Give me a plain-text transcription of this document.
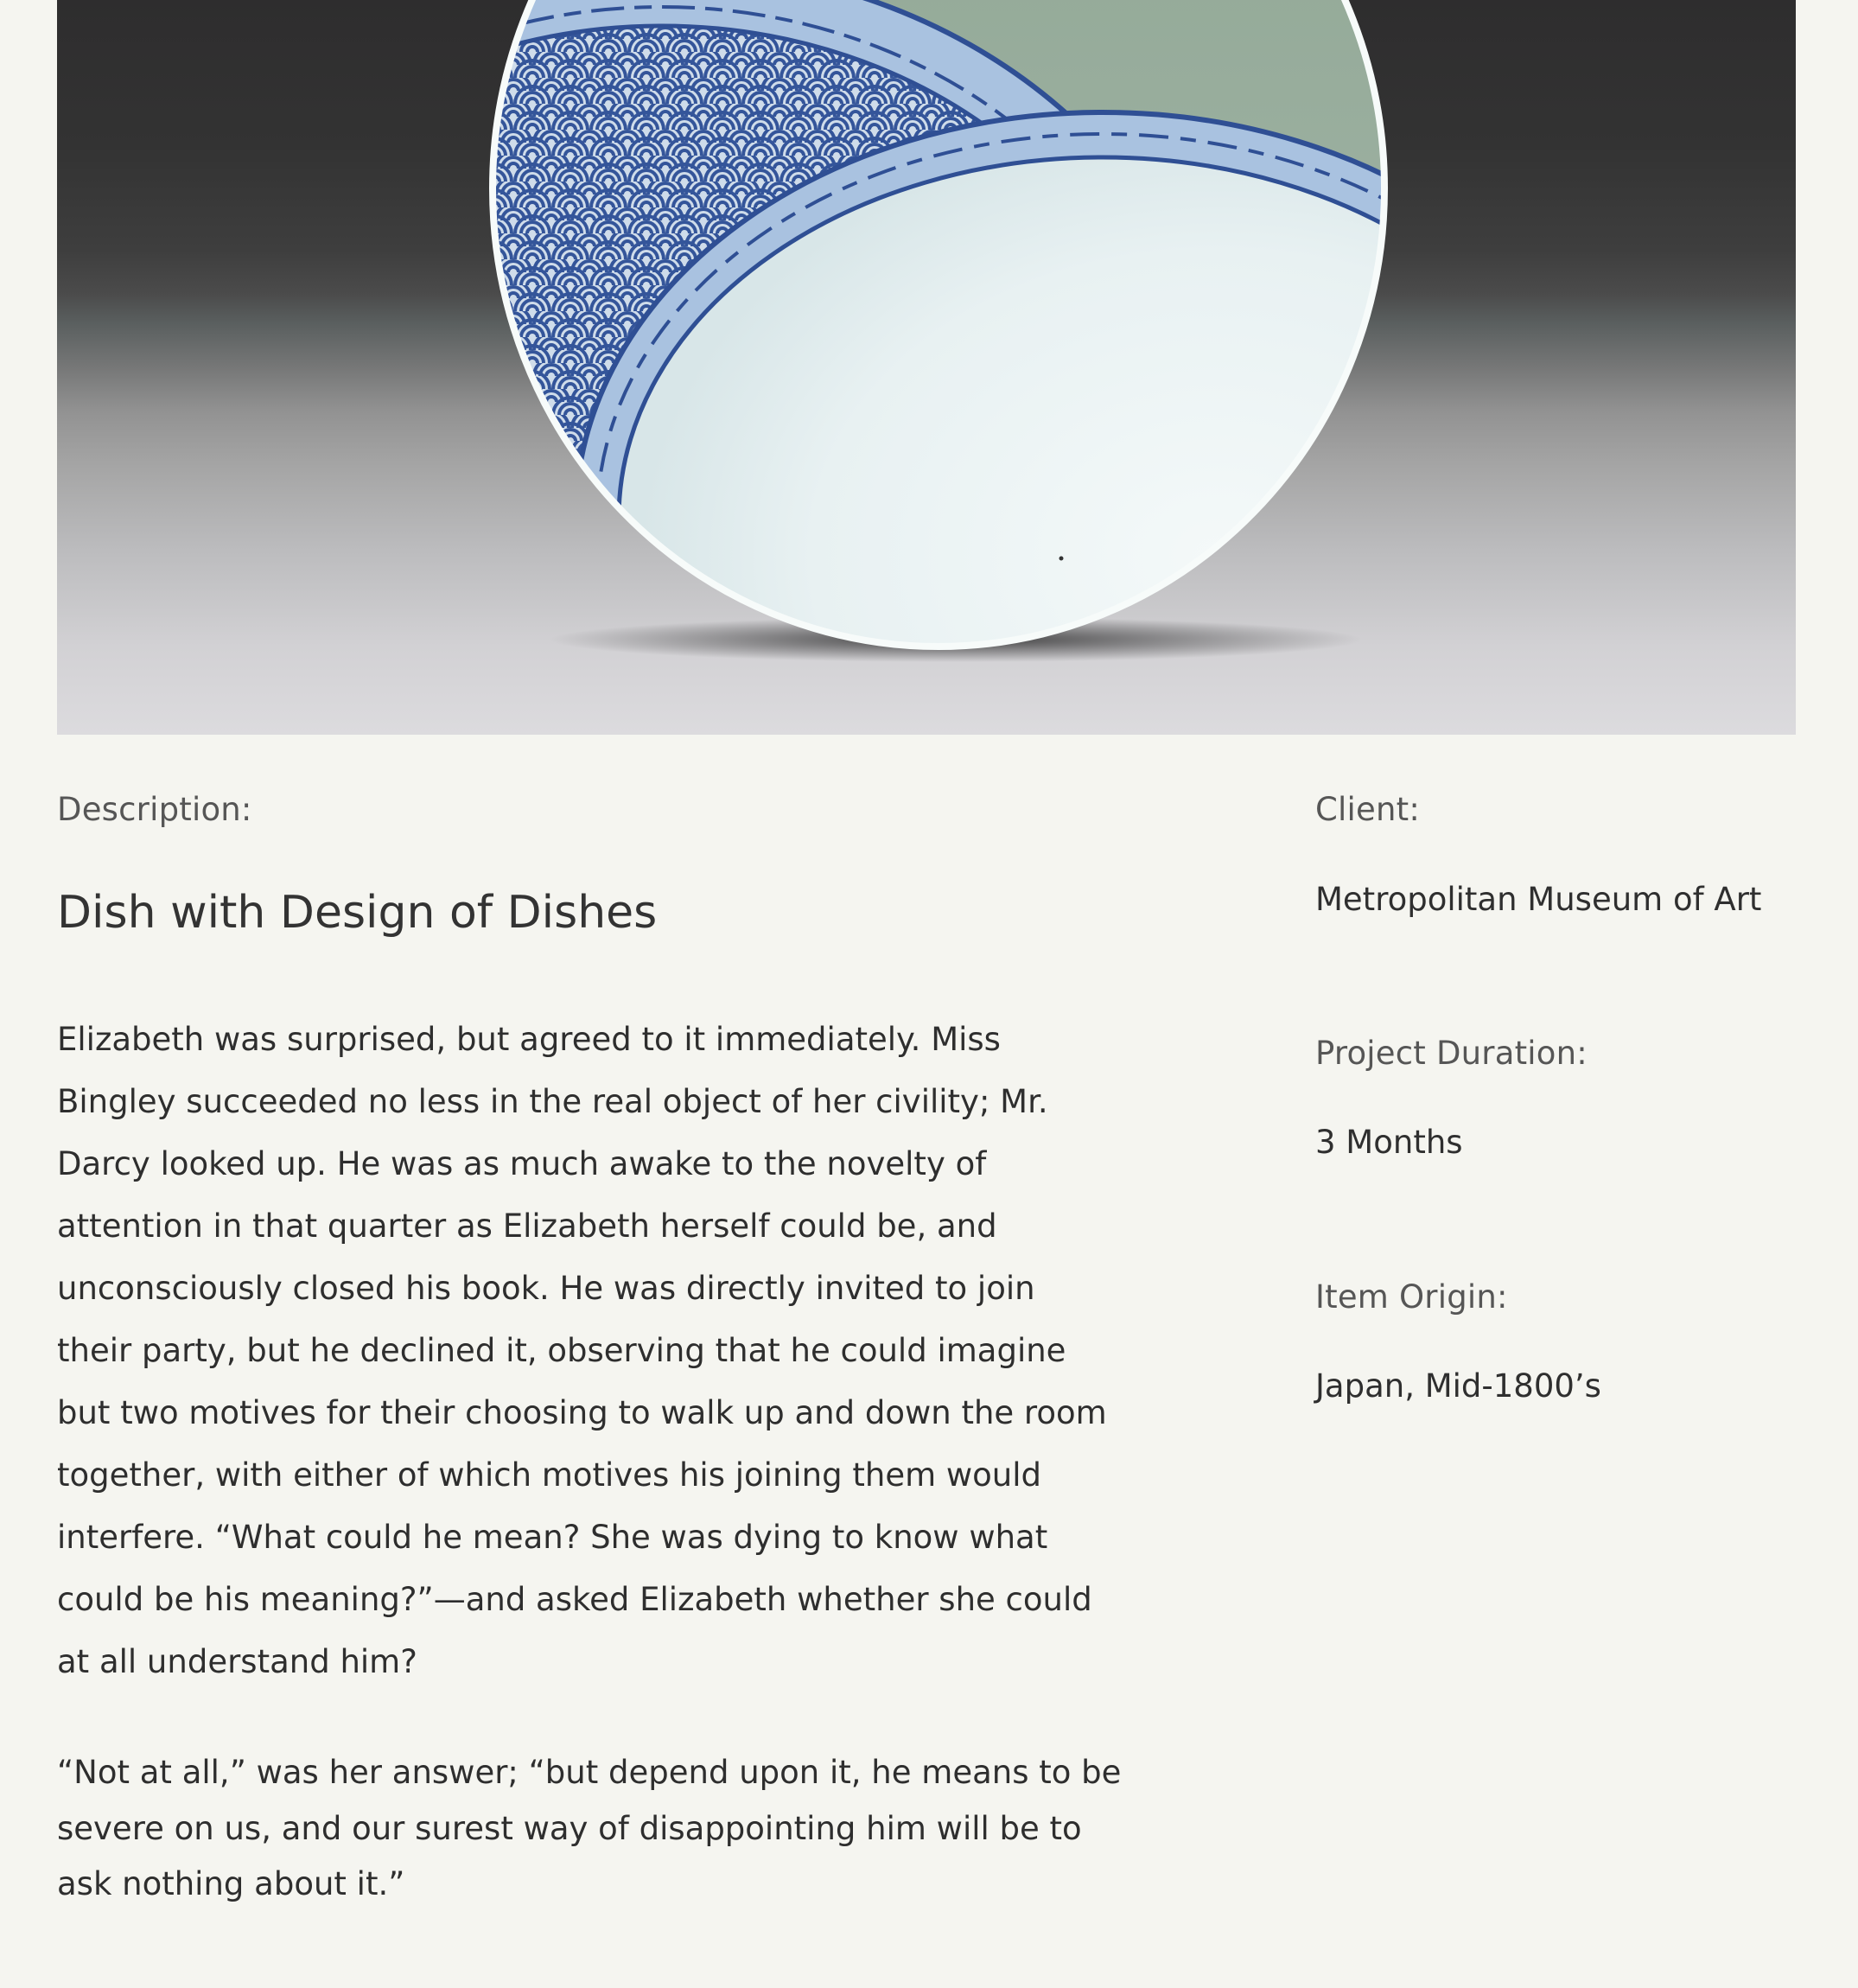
Description:
Dish with Design of Dishes

Elizabeth was surprised, but agreed to it immediately. Miss
Bingley succeeded no less in the real object of her civility; Mr.
Darcy looked up. He was as much awake to the novelty of
attention in that quarter as Elizabeth herself could be, and
unconsciously closed his book. He was directly invited to join
their party, but he declined it, observing that he could imagine
but two motives for their choosing to walk up and down the room
together, with either of which motives his joining them would
interfere. “What could he mean? She was dying to know what
could be his meaning?”—and asked Elizabeth whether she could
at all understand him?

“Not at all,” was her answer; “but depend upon it, he means to be
severe on us, and our surest way of disappointing him will be to
ask nothing about it.”

Client:
Metropolitan Museum of Art
Project Duration:
3 Months
Item Origin:
Japan, Mid-1800’s
